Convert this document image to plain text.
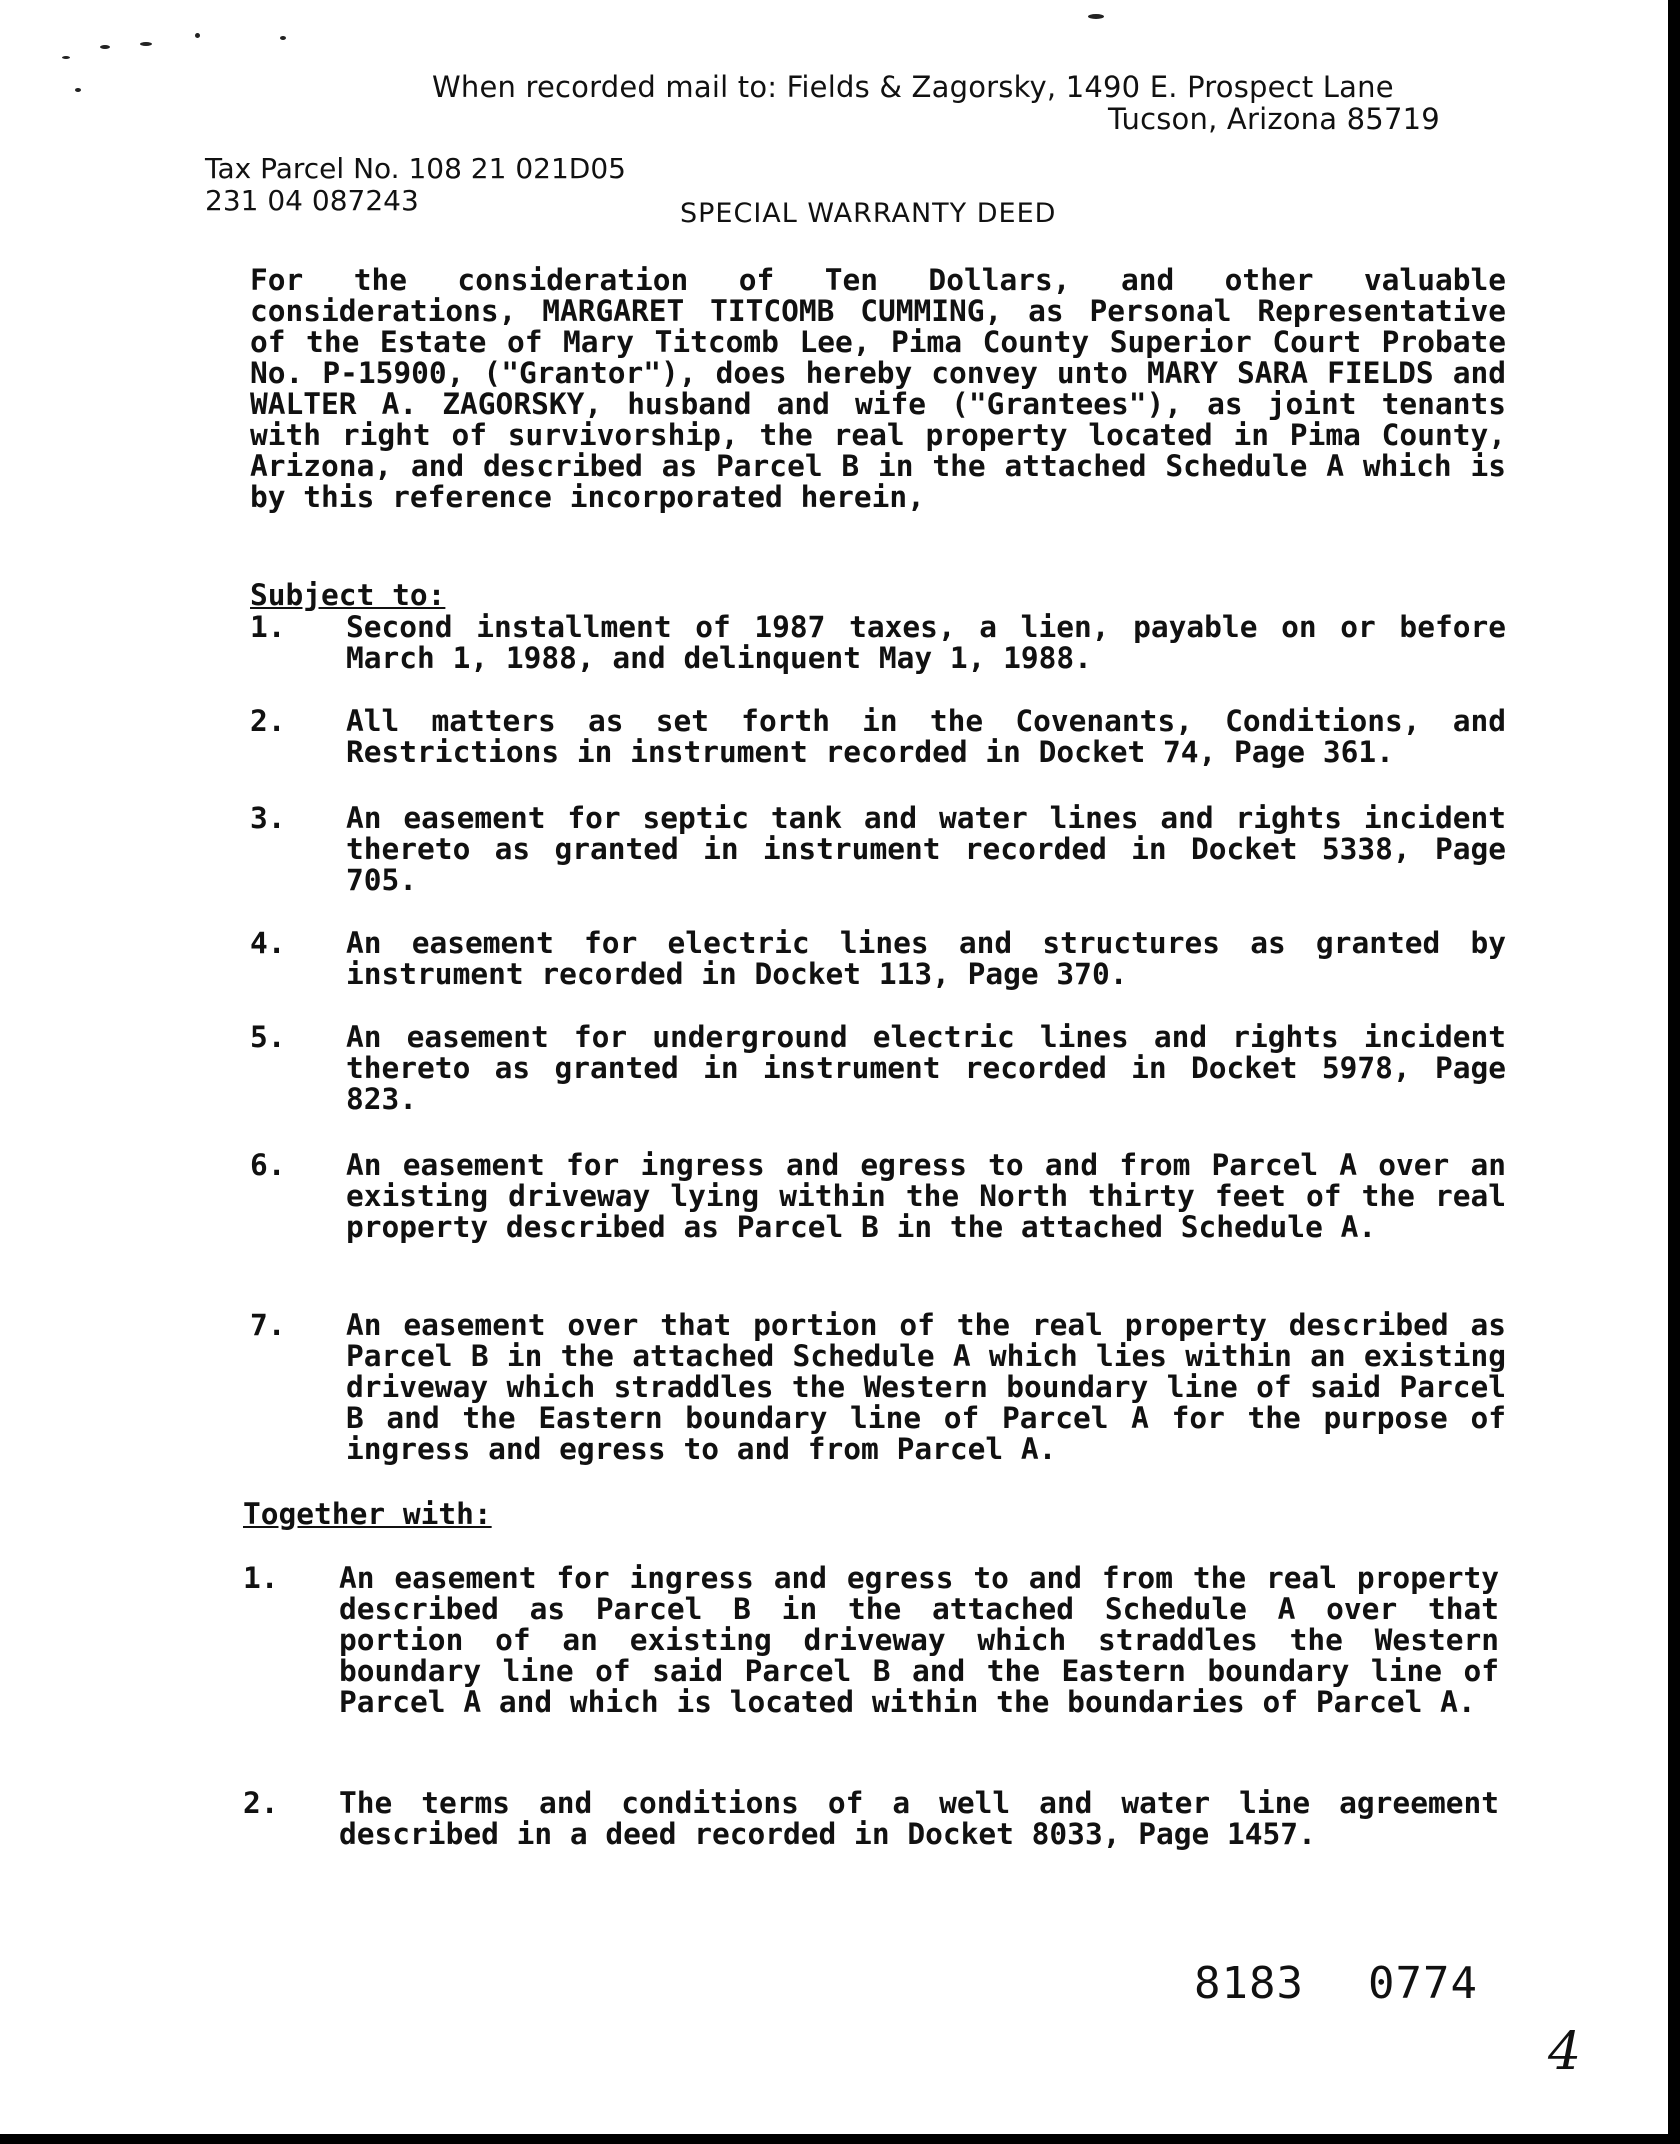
When recorded mail to: Fields & Zagorsky, 1490 E. Prospect Lane
Tucson, Arizona 85719
Tax Parcel No. 108 21 021D05
231 04 087243	SPECIAL WARRANTY DEED

For the consideration of Ten Dollars, and other valuable considerations, MARGARET TITCOMB CUMMING, as Personal Representative of the Estate of Mary Titcomb Lee, Pima County Superior Court Probate No. P-15900, ("Grantor"), does hereby convey unto MARY SARA FIELDS and WALTER A. ZAGORSKY, husband and wife ("Grantees"), as joint tenants with right of survivorship, the real property located in Pima County, Arizona, and described as Parcel B in the attached Schedule A which is by this reference incorporated herein,

Subject to:
1. Second installment of 1987 taxes, a lien, payable on or before March 1, 1988, and delinquent May 1, 1988.

2. All matters as set forth in the Covenants, Conditions, and Restrictions in instrument recorded in Docket 74, Page 361.

3. An easement for septic tank and water lines and rights incident thereto as granted in instrument recorded in Docket 5338, Page 705.

4. An easement for electric lines and structures as granted by instrument recorded in Docket 113, Page 370.

5. An easement for underground electric lines and rights incident thereto as granted in instrument recorded in Docket 5978, Page 823.

6. An easement for ingress and egress to and from Parcel A over an existing driveway lying within the North thirty feet of the real property described as Parcel B in the attached Schedule A.

7. An easement over that portion of the real property described as Parcel B in the attached Schedule A which lies within an existing driveway which straddles the Western boundary line of said Parcel B and the Eastern boundary line of Parcel A for the purpose of ingress and egress to and from Parcel A.

Together with:
1. An easement for ingress and egress to and from the real property described as Parcel B in the attached Schedule A over that portion of an existing driveway which straddles the Western boundary line of said Parcel B and the Eastern boundary line of Parcel A and which is located within the boundaries of Parcel A.

2. The terms and conditions of a well and water line agreement described in a deed recorded in Docket 8033, Page 1457.

8183 0774
4
